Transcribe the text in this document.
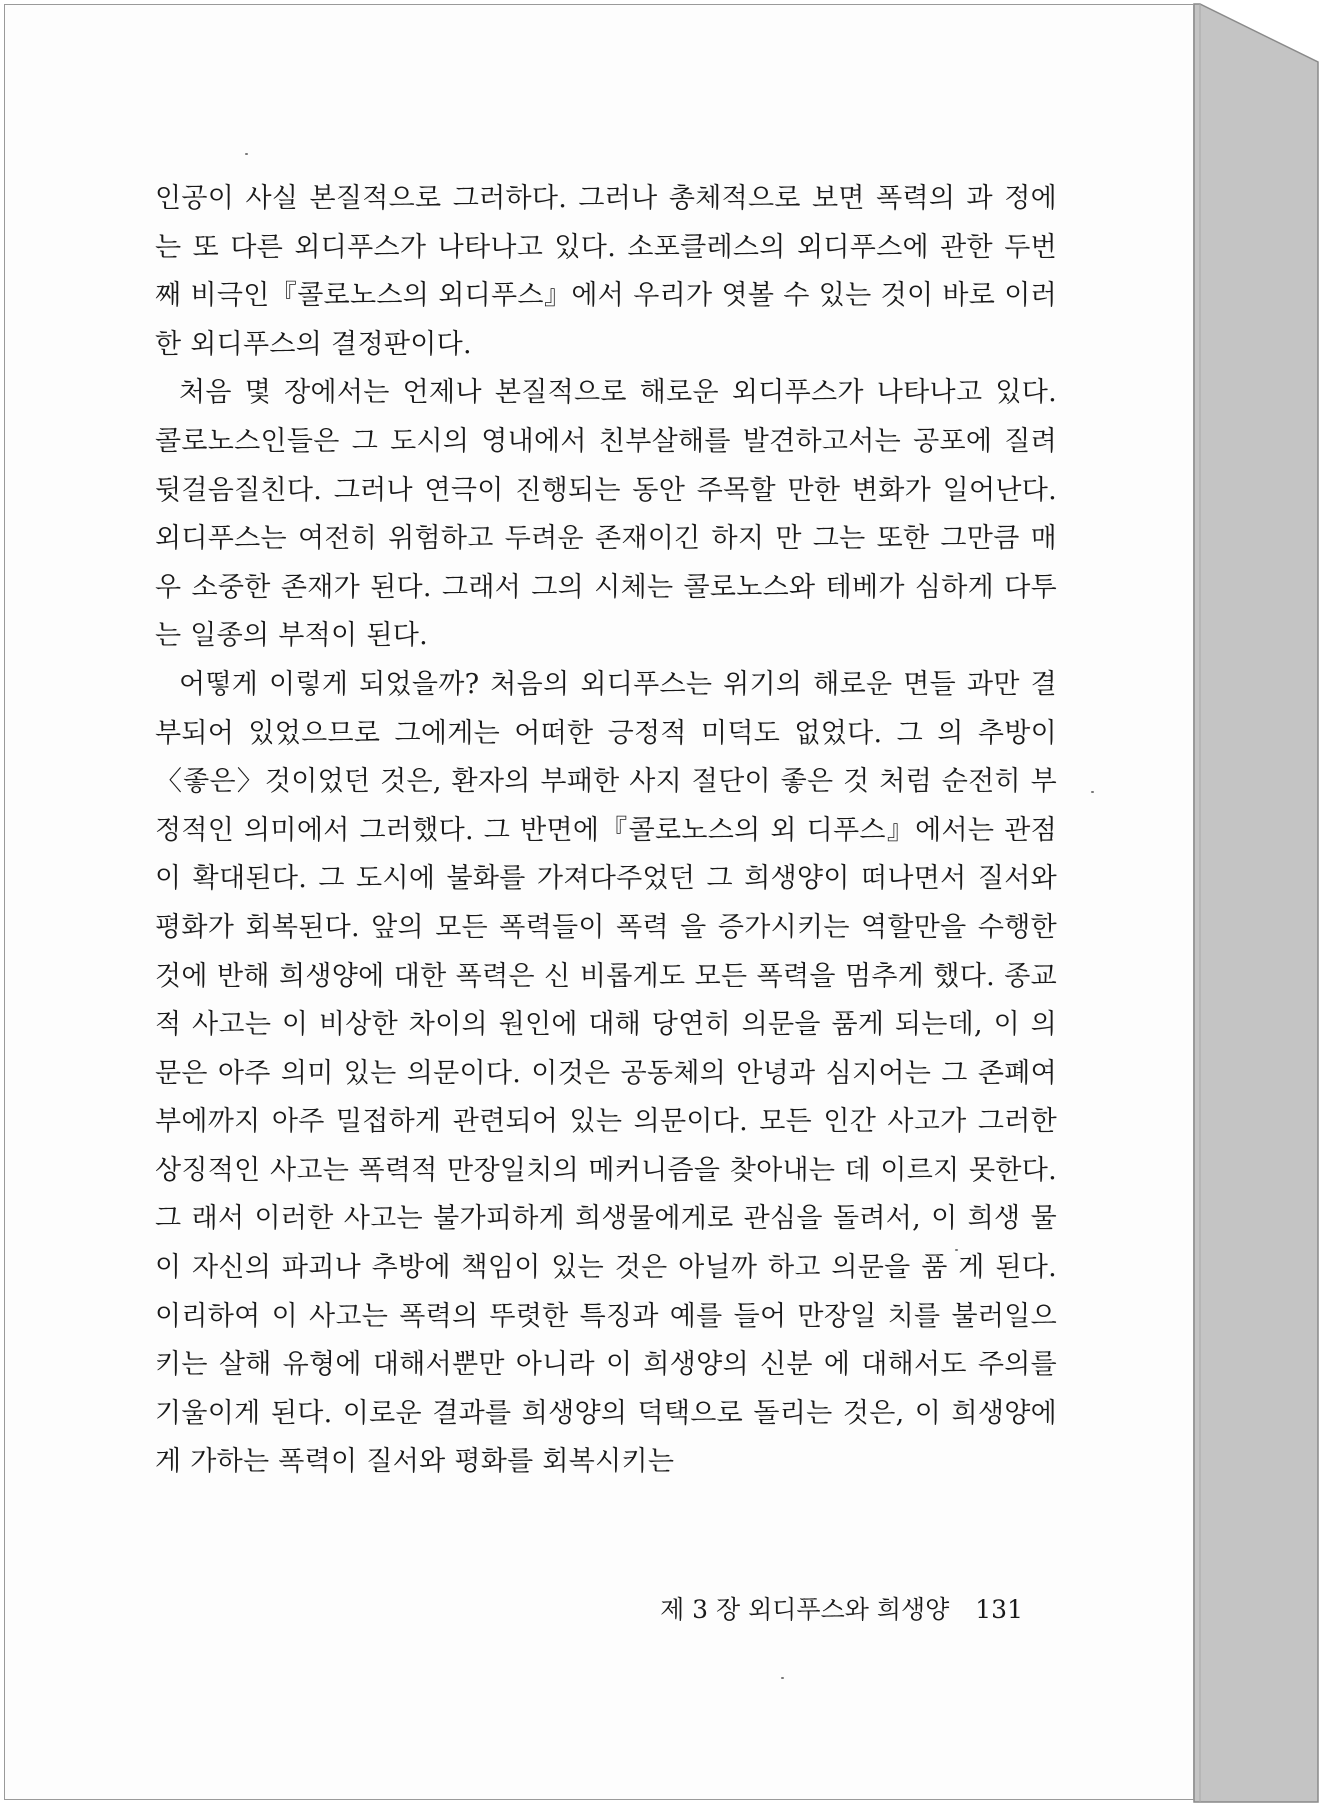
인공이 사실 본질적으로 그러하다. 그러나 총체적으로 보면 폭력의 과 정에는 또 다른 외디푸스가 나타나고 있다. 소포클레스의 외디푸스에 관한 두번째 비극인『콜로노스의 외디푸스』에서 우리가 엿볼 수 있는 것이 바로 이러한 외디푸스의 결정판이다.

처음 몇 장에서는 언제나 본질적으로 해로운 외디푸스가 나타나고 있다. 콜로노스인들은 그 도시의 영내에서 친부살해를 발견하고서는 공포에 질려 뒷걸음질친다. 그러나 연극이 진행되는 동안 주목할 만한 변화가 일어난다. 외디푸스는 여전히 위험하고 두려운 존재이긴 하지 만 그는 또한 그만큼 매우 소중한 존재가 된다. 그래서 그의 시체는 콜로노스와 테베가 심하게 다투는 일종의 부적이 된다.

어떻게 이렇게 되었을까? 처음의 외디푸스는 위기의 해로운 면들 과만 결부되어 있었으므로 그에게는 어떠한 긍정적 미덕도 없었다. 그 의 추방이〈좋은〉것이었던 것은, 환자의 부패한 사지 절단이 좋은 것 처럼 순전히 부정적인 의미에서 그러했다. 그 반면에『콜로노스의 외 디푸스』에서는 관점이 확대된다. 그 도시에 불화를 가져다주었던 그 희생양이 떠나면서 질서와 평화가 회복된다. 앞의 모든 폭력들이 폭력 을 증가시키는 역할만을 수행한 것에 반해 희생양에 대한 폭력은 신 비롭게도 모든 폭력을 멈추게 했다. 종교적 사고는 이 비상한 차이의 원인에 대해 당연히 의문을 품게 되는데, 이 의문은 아주 의미 있는 의문이다. 이것은 공동체의 안녕과 심지어는 그 존폐여부에까지 아주 밀접하게 관련되어 있는 의문이다. 모든 인간 사고가 그러한 상징적인 사고는 폭력적 만장일치의 메커니즘을 찾아내는 데 이르지 못한다. 그 래서 이러한 사고는 불가피하게 희생물에게로 관심을 돌려서, 이 희생 물이 자신의 파괴나 추방에 책임이 있는 것은 아닐까 하고 의문을 품 게 된다. 이리하여 이 사고는 폭력의 뚜렷한 특징과 예를 들어 만장일 치를 불러일으키는 살해 유형에 대해서뿐만 아니라 이 희생양의 신분 에 대해서도 주의를 기울이게 된다. 이로운 결과를 희생양의 덕택으로 돌리는 것은, 이 희생양에게 가하는 폭력이 질서와 평화를 회복시키는

제 3 장 외디푸스와 희생양 131
